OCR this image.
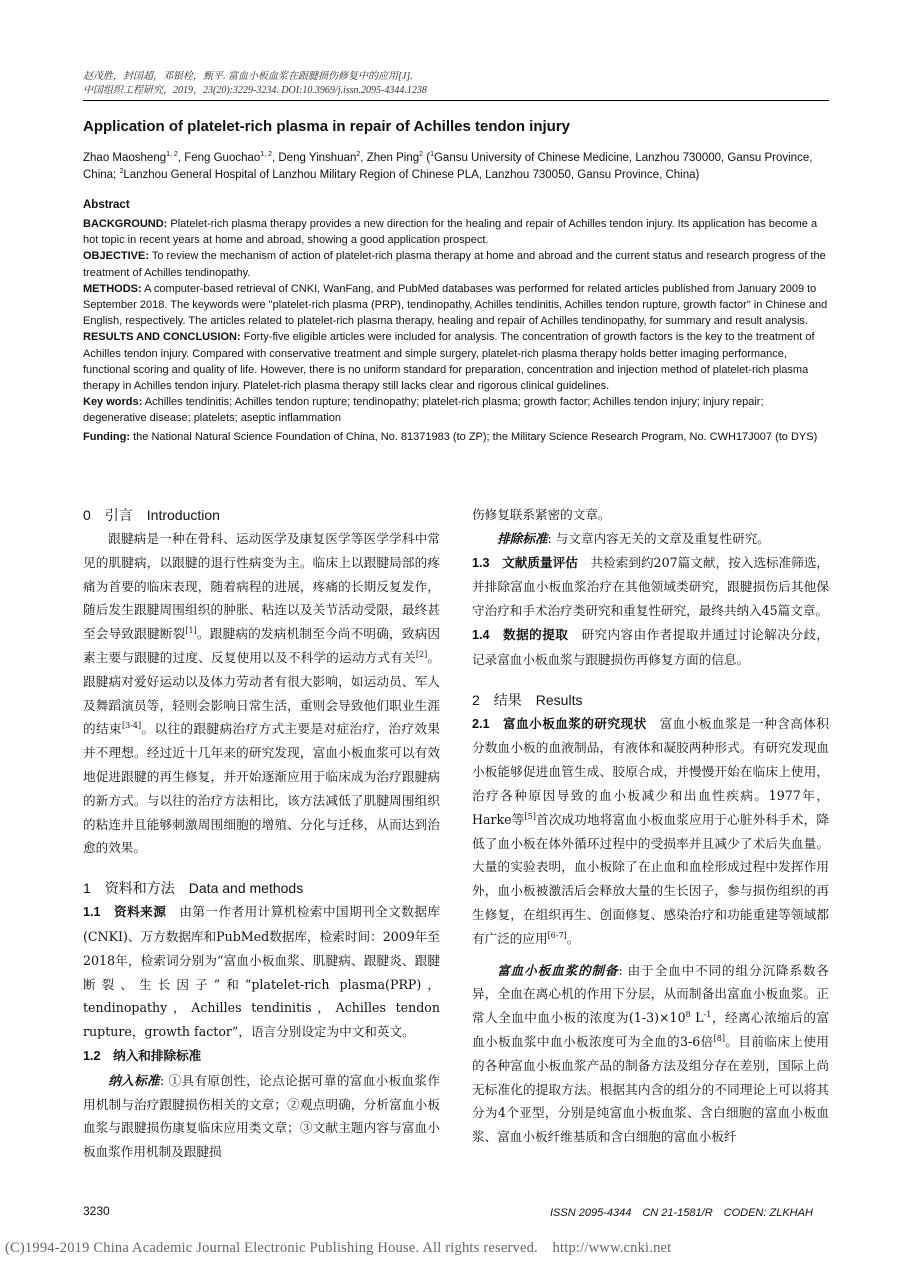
赵茂胜，封国超，邓银栓，甄平. 富血小板血浆在跟腱损伤修复中的应用[J].
中国组织工程研究，2019，23(20):3229-3234. DOI:10.3969/j.issn.2095-4344.1238
Application of platelet-rich plasma in repair of Achilles tendon injury
Zhao Maosheng$^{1, 2}$, Feng Guochao$^{1, 2}$, Deng Yinshuan$^2$, Zhen Ping$^2$ ($^1$Gansu University of Chinese Medicine, Lanzhou 730000, Gansu Province, China; $^2$Lanzhou General Hospital of Lanzhou Military Region of Chinese PLA, Lanzhou 730050, Gansu Province, China)
Abstract

BACKGROUND: Platelet-rich plasma therapy provides a new direction for the healing and repair of Achilles tendon injury. Its application has become a hot topic in recent years at home and abroad, showing a good application prospect.

OBJECTIVE: To review the mechanism of action of platelet-rich plasma therapy at home and abroad and the current status and research progress of the treatment of Achilles tendinopathy.

METHODS: A computer-based retrieval of CNKI, WanFang, and PubMed databases was performed for related articles published from January 2009 to September 2018. The keywords were "platelet-rich plasma (PRP), tendinopathy, Achilles tendinitis, Achilles tendon rupture, growth factor" in Chinese and English, respectively. The articles related to platelet-rich plasma therapy, healing and repair of Achilles tendinopathy, for summary and result analysis.

RESULTS AND CONCLUSION: Forty-five eligible articles were included for analysis. The concentration of growth factors is the key to the treatment of Achilles tendon injury. Compared with conservative treatment and simple surgery, platelet-rich plasma therapy holds better imaging performance, functional scoring and quality of life. However, there is no uniform standard for preparation, concentration and injection method of platelet-rich plasma therapy in Achilles tendon injury. Platelet-rich plasma therapy still lacks clear and rigorous clinical guidelines.

Key words: Achilles tendinitis; Achilles tendon rupture; tendinopathy; platelet-rich plasma; growth factor; Achilles tendon injury; injury repair; degenerative disease; platelets; aseptic inflammation

Funding: the National Natural Science Foundation of China, No. 81371983 (to ZP); the Military Science Research Program, No. CWH17J007 (to DYS)

0　引言　Introduction

跟腱病是一种在骨科、运动医学及康复医学等医学学科中常见的肌腱病，以跟腱的退行性病变为主。临床上以跟腱局部的疼痛为首要的临床表现，随着病程的进展，疼痛的长期反复发作，随后发生跟腱周围组织的肿胀、粘连以及关节活动受限，最终甚至会导致跟腱断裂[1]。跟腱病的发病机制至今尚不明确，致病因素主要与跟腱的过度、反复使用以及不科学的运动方式有关[2]。跟腱病对爱好运动以及体力劳动者有很大影响，如运动员、军人及舞蹈演员等，轻则会影响日常生活，重则会导致他们职业生涯的结束[3-4]。以往的跟腱病治疗方式主要是对症治疗，治疗效果并不理想。经过近十几年来的研究发现，富血小板血浆可以有效地促进跟腱的再生修复，并开始逐渐应用于临床成为治疗跟腱病的新方式。与以往的治疗方法相比，该方法减低了肌腱周围组织的粘连并且能够刺激周围细胞的增殖、分化与迁移，从而达到治愈的效果。

1　资料和方法　Data and methods

1.1　资料来源　由第一作者用计算机检索中国期刊全文数据库(CNKI)、万方数据库和PubMed数据库，检索时间：2009年至2018年，检索词分别为“富血小板血浆、肌腱病、跟腱炎、跟腱断裂、生长因子”和“platelet-rich plasma(PRP)，tendinopathy，Achilles tendinitis，Achilles tendon rupture，growth factor”，语言分别设定为中文和英文。

1.2　纳入和排除标准

纳入标准: ①具有原创性，论点论据可靠的富血小板血浆作用机制与治疗跟腱损伤相关的文章；②观点明确，分析富血小板血浆与跟腱损伤康复临床应用类文章；③文献主题内容与富血小板血浆作用机制及跟腱损

伤修复联系紧密的文章。

排除标准: 与文章内容无关的文章及重复性研究。

1.3　文献质量评估　共检索到约207篇文献，按入选标准筛选，并排除富血小板血浆治疗在其他领域类研究，跟腱损伤后其他保守治疗和手术治疗类研究和重复性研究，最终共纳入45篇文章。

1.4　数据的提取　研究内容由作者提取并通过讨论解决分歧，记录富血小板血浆与跟腱损伤再修复方面的信息。

2　结果　Results

2.1　富血小板血浆的研究现状　富血小板血浆是一种含高体积分数血小板的血液制品，有液体和凝胶两种形式。有研究发现血小板能够促进血管生成、胶原合成，并慢慢开始在临床上使用，治疗各种原因导致的血小板减少和出血性疾病。1977年，Harke等[5]首次成功地将富血小板血浆应用于心脏外科手术，降低了血小板在体外循环过程中的受损率并且减少了术后失血量。大量的实验表明，血小板除了在止血和血栓形成过程中发挥作用外，血小板被激活后会释放大量的生长因子，参与损伤组织的再生修复，在组织再生、创面修复、感染治疗和功能重建等领域都有广泛的应用[6-7]。

富血小板血浆的制备: 由于全血中不同的组分沉降系数各异，全血在离心机的作用下分层，从而制备出富血小板血浆。正常人全血中血小板的浓度为$(1-3)\times 10^8$ $L^{-1}$，经离心浓缩后的富血小板血浆中血小板浓度可为全血的3-6倍[8]。目前临床上使用的各种富血小板血浆产品的制备方法及组分存在差别，国际上尚无标准化的提取方法。根据其内含的组分的不同理论上可以将其分为4个亚型，分别是纯富血小板血浆、含白细胞的富血小板血浆、富血小板纤维基质和含白细胞的富血小板纤

3230	ISSN 2095-4344　CN 21-1581/R　CODEN: ZLKHAH
(C)1994-2019 China Academic Journal Electronic Publishing House. All rights reserved.　http://www.cnki.net
